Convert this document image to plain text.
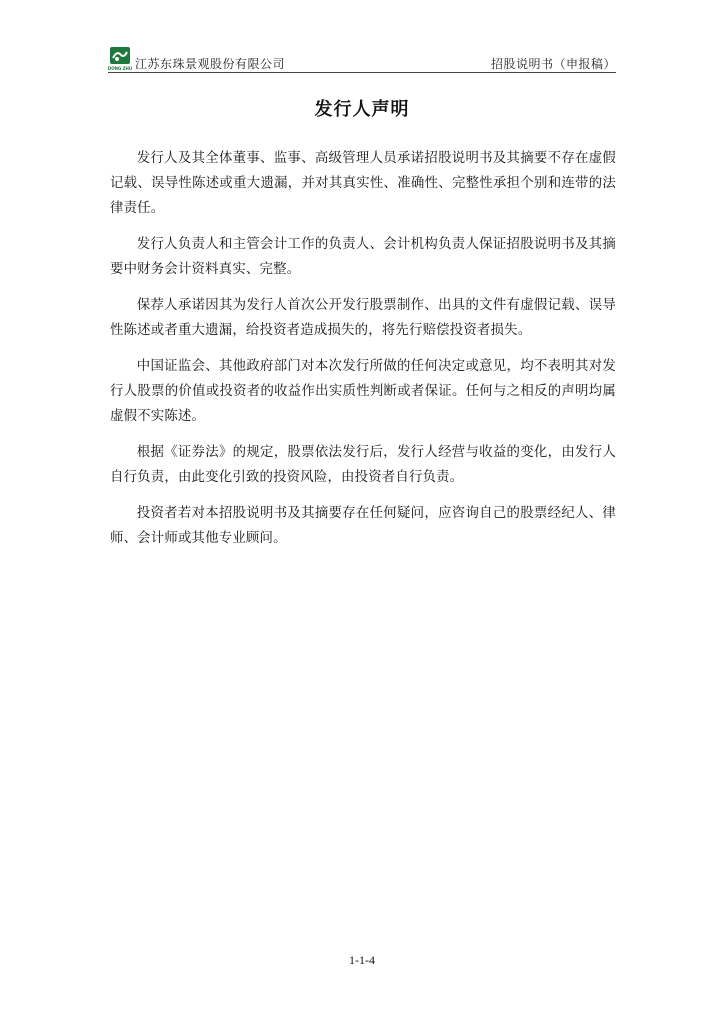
DONG ZHU 江苏东珠景观股份有限公司	招股说明书（申报稿）
发行人声明

发行人及其全体董事、监事、高级管理人员承诺招股说明书及其摘要不存在虚假记载、误导性陈述或重大遗漏，并对其真实性、准确性、完整性承担个别和连带的法律责任。

发行人负责人和主管会计工作的负责人、会计机构负责人保证招股说明书及其摘要中财务会计资料真实、完整。

保荐人承诺因其为发行人首次公开发行股票制作、出具的文件有虚假记载、误导性陈述或者重大遗漏，给投资者造成损失的，将先行赔偿投资者损失。

中国证监会、其他政府部门对本次发行所做的任何决定或意见，均不表明其对发行人股票的价值或投资者的收益作出实质性判断或者保证。任何与之相反的声明均属虚假不实陈述。

根据《证券法》的规定，股票依法发行后，发行人经营与收益的变化，由发行人自行负责，由此变化引致的投资风险，由投资者自行负责。

投资者若对本招股说明书及其摘要存在任何疑问，应咨询自己的股票经纪人、律师、会计师或其他专业顾问。

1-1-4
